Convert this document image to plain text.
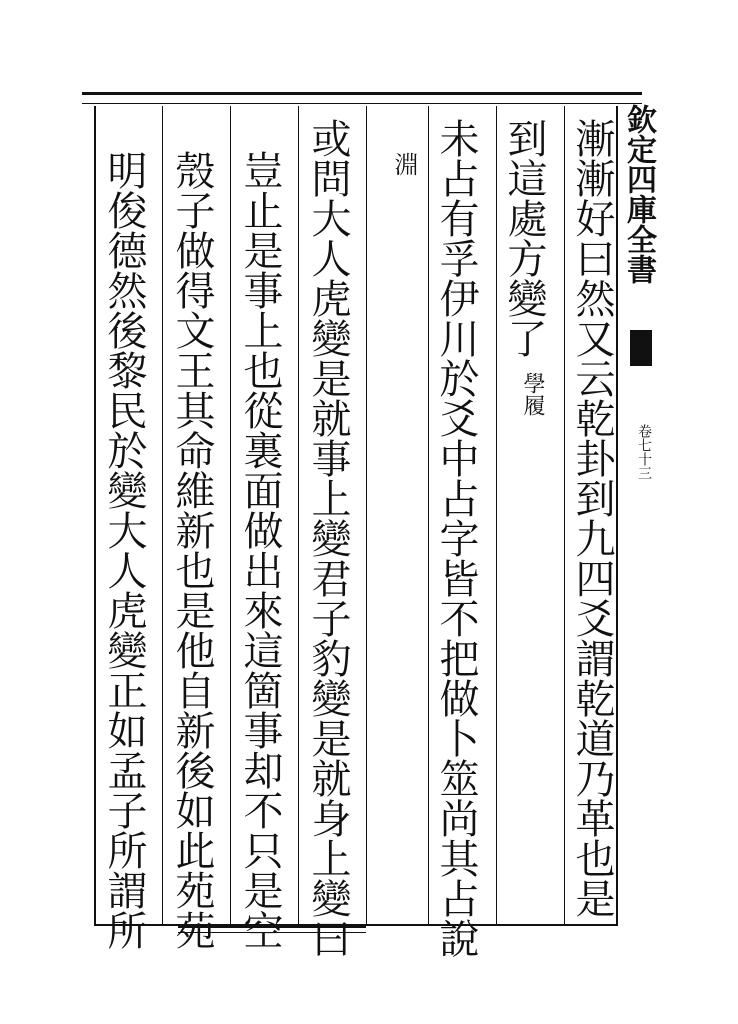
欽定四庫全書
卷七十三
漸漸好曰然又云乾卦到九四爻謂乾道乃革也是
到這處方變了
學履
未占有孚伊川於爻中占字皆不把做卜筮尚其占說
淵
或問大人虎變是就事上變君子豹變是就身上變曰
豈止是事上也從裏面做出來這箇事却不只是空
殼子做得文王其命維新也是他自新後如此苑苑
明俊德然後黎民於變大人虎變正如孟子所謂所
